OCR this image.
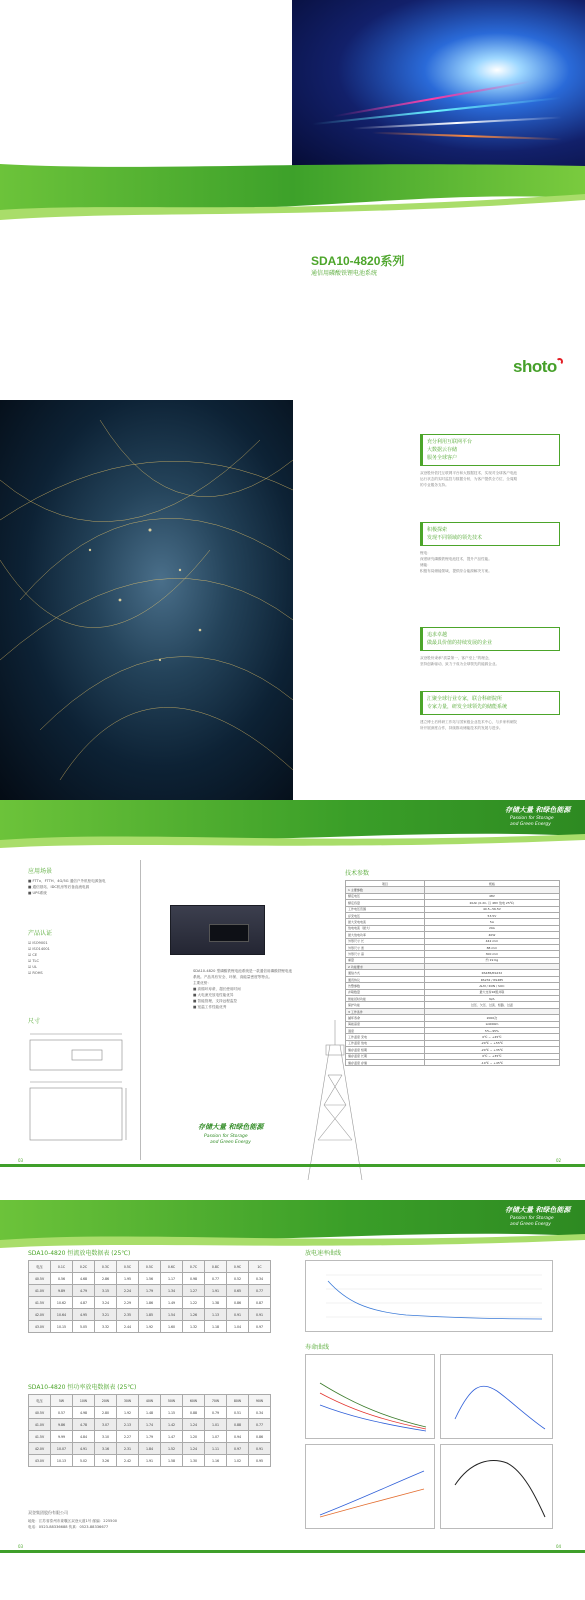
SDA10-4820系列
通信用磷酸铁锂电池系统
shoto
充分利用互联网平台
大数据云存储
服务全球客户
双登股份依托互联网平台和大数据技术，实现对全球客户电池
运行状态的实时监控与数据分析，为客户提供全方位、全周期
的专业服务支持。
积极探索
发现不同领域的领先技术
锂电：
深度研究磷酸铁锂电池技术，提升产品性能。
储能：
积极布局储能领域，提供综合能源解决方案。
追求卓越
做最具价值的持续发展的企业
双登股份秉承“质量第一，客户至上”的理念，
坚持创新驱动，致力于成为全球领先的能源企业。
汇聚全球行业专家，联合科研院所
专家力量，研发全球领先的储能系统
建立博士后科研工作站与国家级企业技术中心，与多家科研院
所开展深度合作，持续推动储能技术的发展与进步。
存储大量 和绿色能源
Passion for Storage
and Green Energy
应用场景
■ FTTx、FTTH、4G/5G 通信户外机柜电源备电
■ 通信基站、IDC机房等后备直流电源
■ UPS系统
产品认证
☑ ISO9001
☑ ISO14001
☑ CE
☑ TLC
☑ UL
☑ ROHS
尺寸
SDA10-4820 型磷酸铁锂电池系统是一款通信用磷酸铁锂电池
系统。产品具有安全、环保、高能量密度等特点。
主要优势：
■ 高循环寿命，超长使用时间
■ 大电流充放电性能优异
■ 智能管理，支持远程监控
■ 宽温工作性能优秀
存储大量 和绿色能源
Passion for Storage
and Green Energy
技术参数
项目	规格
1 主要参数	
额定电压	48V
额定容量	20Ah (0.2C, 以 48V 放电 25℃)
工作电压范围	40.5~56.5V
浮充电压	53.5V
最大充电电流	5A
放电电流（最大）	20A
最大放电功率	40W
外形尺寸 长	442 mm
外形尺寸 宽	88 mm
外形尺寸 高	300 mm
重量	约 19 Kg
2 功能要求	
通信方式	RS485/RS232
通讯协议	RS232 / RS485
告警参数	ALM / RUN / SOC
并联数量	最大支持16组并联
智能延时功能	N/A
保护功能	过压、欠压、过流、短路、过温
3 工作条件	
循环寿命	2000次
海拔高度	≤4000m
湿度	5%~95%
工作温度 充电	0℃ ~ +45℃
工作温度 放电	-20℃ ~ +55℃
储存温度 短期	-20℃ ~ +35℃
储存温度 长期	0℃ ~ +35℃
储存温度 存储	-10℃ ~ +45℃
03	02
存储大量 和绿色能源
Passion for Storage
and Green Energy
SDA10-4820 恒流放电数据表 (25℃)
电压	0.1C	0.2C	0.3C	0.5C	0.5C	0.6C	0.7C	0.8C	0.9C	1C
40.5V	0.56	4.68	2.86	1.95	1.56	1.17	0.98	0.77	0.52	0.34
41.0V	9.89	4.79	3.15	2.24	1.79	1.34	1.27	1.91	0.65	0.77
41.5V	10.62	4.87	3.24	2.29	1.86	1.49	1.22	1.38	0.86	0.87
42.0V	10.64	4.95	3.21	2.35	1.85	1.54	1.26	1.13	0.91	0.91
43.0V	10.15	5.05	3.32	2.44	1.92	1.60	1.32	1.18	1.04	0.97
SDA10-4820 恒功率放电数据表 (25℃)
电压	5W	10W	20W	30W	40W	50W	60W	70W	80W	90W
40.5V	0.57	4.98	2.80	1.92	1.48	1.15	0.88	0.79	0.51	0.34
41.0V	9.86	4.78	3.07	2.13	1.74	1.42	1.24	1.01	0.88	0.77
41.5V	9.99	4.84	3.10	2.27	1.79	1.47	1.20	1.07	0.94	0.86
42.0V	10.07	4.91	3.16	2.31	1.84	1.52	1.24	1.11	0.97	0.91
43.0V	10.13	5.02	3.26	2.42	1.91	1.58	1.30	1.16	1.02	0.95
放电速率曲线
寿命曲线
双登集团股份有限公司
地址：江苏省泰州市姜堰区双登大道1号 邮编：225500
电话：0523-88336688 传真：0523-88336677
03	04
